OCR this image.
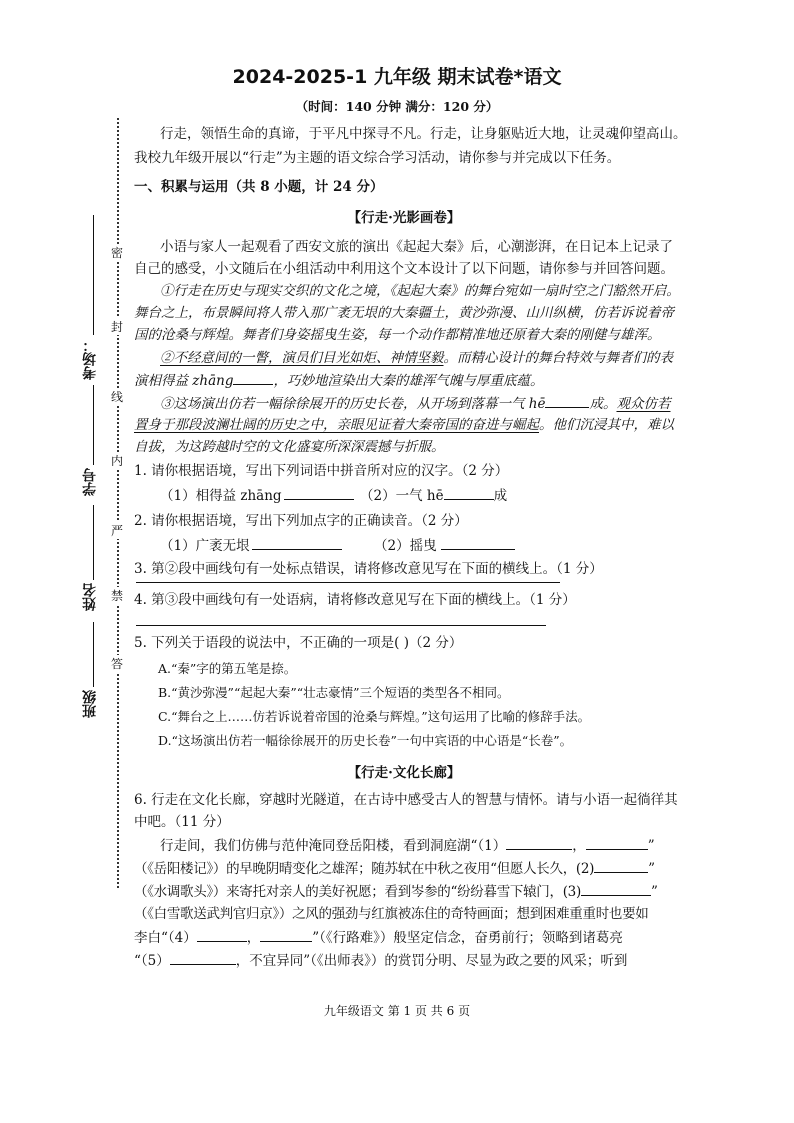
2024-2025-1 九年级 期末试卷*语文
（时间：140 分钟 满分：120 分）
密
封
线
内
严
禁
答
考场：
学号
姓名
班级
行走，领悟生命的真谛，于平凡中探寻不凡。行走，让身躯贴近大地，让灵魂仰望高山。
我校九年级开展以“行走”为主题的语文综合学习活动，请你参与并完成以下任务。
一、积累与运用（共 8 小题，计 24 分）
【行走·光影画卷】
小语与家人一起观看了西安文旅的演出《起起大秦》后，心潮澎湃，在日记本上记录了
自己的感受，小文随后在小组活动中利用这个文本设计了以下问题，请你参与并回答问题。
①行走在历史与现实交织的文化之境，《起起大秦》的舞台宛如一扇时空之门豁然开启。
舞台之上，布景瞬间将人带入那广袤无垠的大秦疆土，黄沙弥漫、山川纵横，仿若诉说着帝
国的沧桑与辉煌。舞者们身姿摇曳生姿，每一个动作都精准地还原着大秦的刚健与雄浑。
②不经意间的一瞥，演员们目光如炬、神情坚毅。而精心设计的舞台特效与舞者们的表
演相得益 zhāng	，巧妙地渲染出大秦的雄浑气魄与厚重底蕴。
③这场演出仿若一幅徐徐展开的历史长卷，从开场到落幕一气 hē	成。观众仿若
置身于那段波澜壮阔的历史之中，亲眼见证着大秦帝国的奋进与崛起。他们沉浸其中，难以
自拔，为这跨越时空的文化盛宴所深深震撼与折服。
1. 请你根据语境，写出下列词语中拼音所对应的汉字。（2 分）
（1）相得益 zhāng	（2）一气 hē	成
2. 请你根据语境，写出下列加点字的正确读音。（2 分）
（1）广袤无垠	（2）摇曳
3. 第②段中画线句有一处标点错误，请将修改意见写在下面的横线上。（1 分）
4. 第③段中画线句有一处语病，请将修改意见写在下面的横线上。（1 分）
5. 下列关于语段的说法中，不正确的一项是( )（2 分）
A.“秦”字的第五笔是捺。
B.“黄沙弥漫”“起起大秦”“壮志豪情”三个短语的类型各不相同。
C.“舞台之上……仿若诉说着帝国的沧桑与辉煌。”这句运用了比喻的修辞手法。
D.“这场演出仿若一幅徐徐展开的历史长卷”一句中宾语的中心语是“长卷”。
【行走·文化长廊】
6. 行走在文化长廊，穿越时光隧道，在古诗中感受古人的智慧与情怀。请与小语一起徜徉其
中吧。（11 分）
行走间，我们仿佛与范仲淹同登岳阳楼，看到洞庭湖“（1）	，	”
（《岳阳楼记》）的早晚阴晴变化之雄浑；随苏轼在中秋之夜用“但愿人长久，(2)	”
（《水调歌头》）来寄托对亲人的美好祝愿；看到岑参的“纷纷暮雪下辕门，(3)	”
（《白雪歌送武判官归京》）之风的强劲与红旗被冻住的奇特画面；想到困难重重时也要如
李白“（4）	，	”（《行路难》）般坚定信念，奋勇前行；领略到诸葛亮
“（5）	，不宜异同”（《出师表》）的赏罚分明、尽显为政之要的风采；听到
九年级语文 第 1 页 共 6 页
